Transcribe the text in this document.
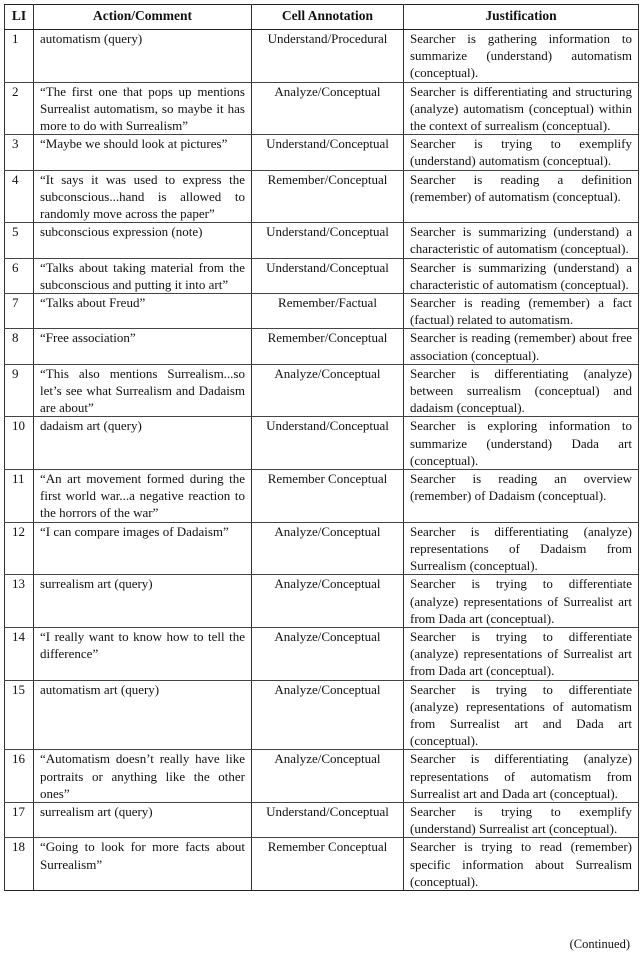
LI	Action/Comment	Cell Annotation	Justification
1	automatism (query)	Understand/Procedural	Searcher is gathering information to summarize (understand) automatism (conceptual).
2	“The first one that pops up mentions Surrealist automatism, so maybe it has more to do with Surrealism”	Analyze/Conceptual	Searcher is differentiating and structuring (analyze) automatism (conceptual) within the context of surrealism (conceptual).
3	“Maybe we should look at pictures”	Understand/Conceptual	Searcher is trying to exemplify (understand) automatism (conceptual).
4	“It says it was used to express the subconscious...hand is allowed to randomly move across the paper”	Remember/Conceptual	Searcher is reading a definition (remember) of automatism (conceptual).
5	subconscious expression (note)	Understand/Conceptual	Searcher is summarizing (understand) a characteristic of automatism (conceptual).
6	“Talks about taking material from the subconscious and putting it into art”	Understand/Conceptual	Searcher is summarizing (understand) a characteristic of automatism (conceptual).
7	“Talks about Freud”	Remember/Factual	Searcher is reading (remember) a fact (factual) related to automatism.
8	“Free association”	Remember/Conceptual	Searcher is reading (remember) about free association (conceptual).
9	“This also mentions Surrealism...so let’s see what Surrealism and Dadaism are about”	Analyze/Conceptual	Searcher is differentiating (analyze) between surrealism (conceptual) and dadaism (conceptual).
10	dadaism art (query)	Understand/Conceptual	Searcher is exploring information to summarize (understand) Dada art (conceptual).
11	“An art movement formed during the first world war...a negative reaction to the horrors of the war”	Remember Conceptual	Searcher is reading an overview (remember) of Dadaism (conceptual).
12	“I can compare images of Dadaism”	Analyze/Conceptual	Searcher is differentiating (analyze) representations of Dadaism from Surrealism (conceptual).
13	surrealism art (query)	Analyze/Conceptual	Searcher is trying to differentiate (analyze) representations of Surrealist art from Dada art (conceptual).
14	“I really want to know how to tell the difference”	Analyze/Conceptual	Searcher is trying to differentiate (analyze) representations of Surrealist art from Dada art (conceptual).
15	automatism art (query)	Analyze/Conceptual	Searcher is trying to differentiate (analyze) representations of automatism from Surrealist art and Dada art (conceptual).
16	“Automatism doesn’t really have like portraits or anything like the other ones”	Analyze/Conceptual	Searcher is differentiating (analyze) representations of automatism from Surrealist art and Dada art (conceptual).
17	surrealism art (query)	Understand/Conceptual	Searcher is trying to exemplify (understand) Surrealist art (conceptual).
18	“Going to look for more facts about Surrealism”	Remember Conceptual	Searcher is trying to read (remember) specific information about Surrealism (conceptual).
(Continued)
